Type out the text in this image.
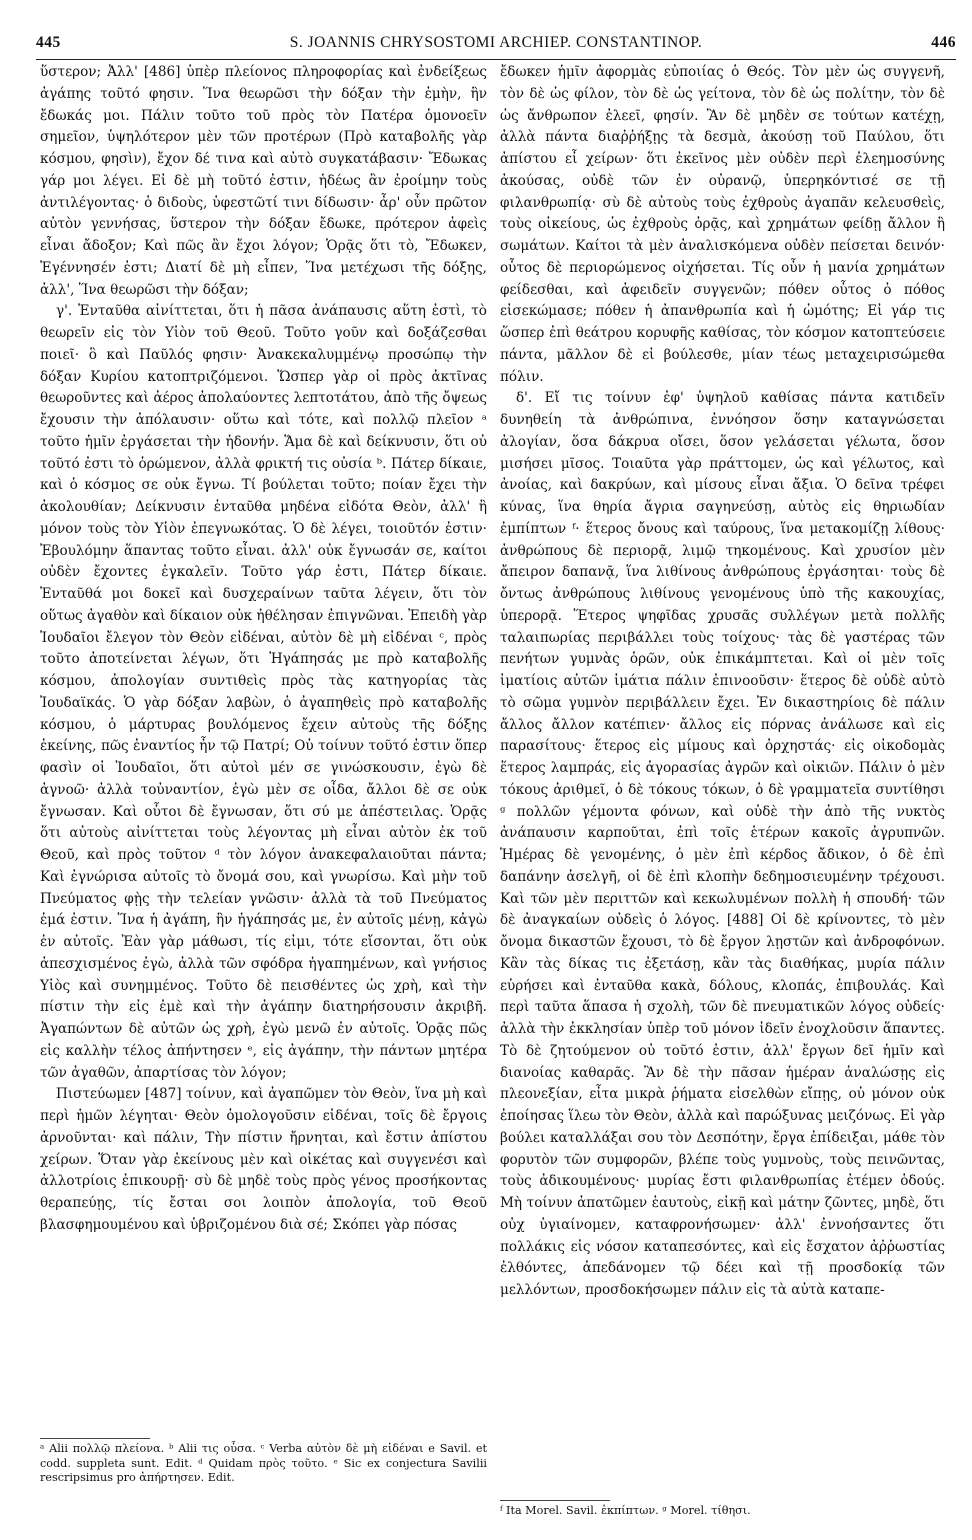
445	S. JOANNIS CHRYSOSTOMI ARCHIEP. CONSTANTINOP.	446

ὕστερον; Ἀλλ' [486] ὑπὲρ πλείονος πληροφορίας καὶ ἐνδείξεως ἀγάπης τοῦτό φησιν. Ἵνα θεωρῶσι τὴν δόξαν τὴν ἐμὴν, ἣν ἔδωκάς μοι. Πάλιν τοῦτο τοῦ πρὸς τὸν Πατέρα ὁμονοεῖν σημεῖον, ὑψηλότερον μὲν τῶν προτέρων (Πρὸ καταβολῆς γὰρ κόσμου, φησὶν), ἔχον δέ τινα καὶ αὐτὸ συγκατάβασιν· Ἔδωκας γάρ μοι λέγει. Εἰ δὲ μὴ τοῦτό ἐστιν, ἡδέως ἂν ἐροίμην τοὺς ἀντιλέγοντας· ὁ διδοὺς, ὑφεστῶτί τινι δίδωσιν· ἆρ' οὖν πρῶτον αὐτὸν γεννήσας, ὕστερον τὴν δόξαν ἔδωκε, πρότερον ἀφεὶς εἶναι ἄδοξον; Καὶ πῶς ἂν ἔχοι λόγον; Ὁρᾷς ὅτι τὸ, Ἔδωκεν, Ἐγέννησέν ἐστι; Διατί δὲ μὴ εἶπεν, Ἵνα μετέχωσι τῆς δόξης, ἀλλ', Ἵνα θεωρῶσι τὴν δόξαν;

γ'. Ἐνταῦθα αἰνίττεται, ὅτι ἡ πᾶσα ἀνάπαυσις αὕτη ἐστὶ, τὸ θεωρεῖν εἰς τὸν Υἱὸν τοῦ Θεοῦ. Τοῦτο γοῦν καὶ δοξάζεσθαι ποιεῖ· ὃ καὶ Παῦλός φησιν· Ἀνακεκαλυμμένῳ προσώπῳ τὴν δόξαν Κυρίου κατοπτριζόμενοι. Ὥσπερ γὰρ οἱ πρὸς ἀκτῖνας θεωροῦντες καὶ ἀέρος ἀπολαύοντες λεπτοτάτου, ἀπὸ τῆς ὄψεως ἔχουσιν τὴν ἀπόλαυσιν· οὕτω καὶ τότε, καὶ πολλῷ πλεῖον ᵃ τοῦτο ἡμῖν ἐργάσεται τὴν ἡδονήν. Ἅμα δὲ καὶ δείκνυσιν, ὅτι οὐ τοῦτό ἐστι τὸ ὁρώμενον, ἀλλὰ φρικτή τις οὐσία ᵇ. Πάτερ δίκαιε, καὶ ὁ κόσμος σε οὐκ ἔγνω. Τί βούλεται τοῦτο; ποίαν ἔχει τὴν ἀκολουθίαν; Δείκνυσιν ἐνταῦθα μηδένα εἰδότα Θεὸν, ἀλλ' ἢ μόνον τοὺς τὸν Υἱὸν ἐπεγνωκότας. Ὁ δὲ λέγει, τοιοῦτόν ἐστιν· Ἐβουλόμην ἅπαντας τοῦτο εἶναι. ἀλλ' οὐκ ἔγνωσάν σε, καίτοι οὐδὲν ἔχοντες ἐγκαλεῖν. Τοῦτο γάρ ἐστι, Πάτερ δίκαιε. Ἐνταῦθά μοι δοκεῖ καὶ δυσχεραίνων ταῦτα λέγειν, ὅτι τὸν οὕτως ἀγαθὸν καὶ δίκαιον οὐκ ἠθέλησαν ἐπιγνῶναι. Ἐπειδὴ γὰρ Ἰουδαῖοι ἔλεγον τὸν Θεὸν εἰδέναι, αὐτὸν δὲ μὴ εἰδέναι ᶜ, πρὸς τοῦτο ἀποτείνεται λέγων, ὅτι Ἠγάπησάς με πρὸ καταβολῆς κόσμου, ἀπολογίαν συντιθεὶς πρὸς τὰς κατηγορίας τὰς Ἰουδαϊκάς. Ὁ γὰρ δόξαν λαβὼν, ὁ ἀγαπηθεὶς πρὸ καταβολῆς κόσμου, ὁ μάρτυρας βουλόμενος ἔχειν αὐτοὺς τῆς δόξης ἐκείνης, πῶς ἐναντίος ἦν τῷ Πατρί; Οὐ τοίνυν τοῦτό ἐστιν ὅπερ φασὶν οἱ Ἰουδαῖοι, ὅτι αὐτοὶ μέν σε γινώσκουσιν, ἐγὼ δὲ ἀγνοῶ· ἀλλὰ τοὐναντίον, ἐγὼ μὲν σε οἶδα, ἄλλοι δὲ σε οὐκ ἔγνωσαν. Καὶ οὗτοι δὲ ἔγνωσαν, ὅτι σύ με ἀπέστειλας. Ὁρᾷς ὅτι αὐτοὺς αἰνίττεται τοὺς λέγοντας μὴ εἶναι αὐτὸν ἐκ τοῦ Θεοῦ, καὶ πρὸς τοῦτον ᵈ τὸν λόγον ἀνακεφαλαιοῦται πάντα; Καὶ ἐγνώρισα αὐτοῖς τὸ ὄνομά σου, καὶ γνωρίσω. Καὶ μὴν τοῦ Πνεύματος φῂς τὴν τελείαν γνῶσιν· ἀλλὰ τὰ τοῦ Πνεύματος ἐμά ἐστιν. Ἵνα ἡ ἀγάπη, ἣν ἠγάπησάς με, ἐν αὐτοῖς μένῃ, κἀγὼ ἐν αὐτοῖς. Ἐὰν γὰρ μάθωσι, τίς εἰμι, τότε εἴσονται, ὅτι οὐκ ἀπεσχισμένος ἐγὼ, ἀλλὰ τῶν σφόδρα ἠγαπημένων, καὶ γνήσιος Υἱὸς καὶ συνημμένος. Τοῦτο δὲ πεισθέντες ὡς χρὴ, καὶ τὴν πίστιν τὴν εἰς ἐμὲ καὶ τὴν ἀγάπην διατηρήσουσιν ἀκριβῆ. Ἀγαπώντων δὲ αὐτῶν ὡς χρὴ, ἐγὼ μενῶ ἐν αὐτοῖς. Ὁρᾷς πῶς εἰς καλλὴν τέλος ἀπήντησεν ᵉ, εἰς ἀγάπην, τὴν πάντων μητέρα τῶν ἀγαθῶν, ἀπαρτίσας τὸν λόγον;

Πιστεύωμεν [487] τοίνυν, καὶ ἀγαπῶμεν τὸν Θεὸν, ἵνα μὴ καὶ περὶ ἡμῶν λέγηται· Θεὸν ὁμολογοῦσιν εἰδέναι, τοῖς δὲ ἔργοις ἀρνοῦνται· καὶ πάλιν, Τὴν πίστιν ἤρνηται, καὶ ἔστιν ἀπίστου χείρων. Ὅταν γὰρ ἐκείνους μὲν καὶ οἰκέτας καὶ συγγενέσι καὶ ἀλλοτρίοις ἐπικουρῇ· σὺ δὲ μηδὲ τοὺς πρὸς γένος προσήκοντας θεραπεύῃς, τίς ἔσται σοι λοιπὸν ἀπολογία, τοῦ Θεοῦ βλασφημουμένου καὶ ὑβριζομένου διὰ σέ; Σκόπει γὰρ πόσας

ἔδωκεν ἡμῖν ἀφορμὰς εὐποιίας ὁ Θεός. Τὸν μὲν ὡς συγγενῆ, τὸν δὲ ὡς φίλον, τὸν δὲ ὡς γείτονα, τὸν δὲ ὡς πολίτην, τὸν δὲ ὡς ἄνθρωπον ἐλεεῖ, φησίν. Ἂν δὲ μηδὲν σε τούτων κατέχῃ, ἀλλὰ πάντα διαῤῥήξῃς τὰ δεσμὰ, ἀκούσῃ τοῦ Παύλου, ὅτι ἀπίστου εἶ χείρων· ὅτι ἐκεῖνος μὲν οὐδὲν περὶ ἐλεημοσύνης ἀκούσας, οὐδὲ τῶν ἐν οὐρανῷ, ὑπερηκόντισέ σε τῇ φιλανθρωπίᾳ· σὺ δὲ αὐτοὺς τοὺς ἐχθροὺς ἀγαπᾶν κελευσθεὶς, τοὺς οἰκείους, ὡς ἐχθροὺς ὁρᾷς, καὶ χρημάτων φείδῃ ἄλλον ἢ σωμάτων. Καίτοι τὰ μὲν ἀναλισκόμενα οὐδὲν πείσεται δεινόν· οὗτος δὲ περιορώμενος οἰχήσεται. Τίς οὖν ἡ μανία χρημάτων φείδεσθαι, καὶ ἀφειδεῖν συγγενῶν; πόθεν οὗτος ὁ πόθος εἰσεκώμασε; πόθεν ἡ ἀπανθρωπία καὶ ἡ ὠμότης; Εἰ γάρ τις ὥσπερ ἐπὶ θεάτρου κορυφῆς καθίσας, τὸν κόσμον κατοπτεύσειε πάντα, μᾶλλον δὲ εἰ βούλεσθε, μίαν τέως μεταχειρισώμεθα πόλιν.

δ'. Εἴ τις τοίνυν ἐφ' ὑψηλοῦ καθίσας πάντα κατιδεῖν δυνηθείη τὰ ἀνθρώπινα, ἐννόησον ὅσην καταγνώσεται ἀλογίαν, ὅσα δάκρυα οἴσει, ὅσον γελάσεται γέλωτα, ὅσον μισήσει μῖσος. Τοιαῦτα γὰρ πράττομεν, ὡς καὶ γέλωτος, καὶ ἀνοίας, καὶ δακρύων, καὶ μίσους εἶναι ἄξια. Ὁ δεῖνα τρέφει κύνας, ἵνα θηρία ἄγρια σαγηνεύσῃ, αὐτὸς εἰς θηριωδίαν ἐμπίπτων ᶠ· ἕτερος ὄνους καὶ ταύρους, ἵνα μετακομίζῃ λίθους· ἀνθρώπους δὲ περιορᾷ, λιμῷ τηκομένους. Καὶ χρυσίον μὲν ἄπειρον δαπανᾷ, ἵνα λιθίνους ἀνθρώπους ἐργάσηται· τοὺς δὲ ὄντως ἀνθρώπους λιθίνους γενομένους ὑπὸ τῆς κακουχίας, ὑπερορᾷ. Ἕτερος ψηφῖδας χρυσᾶς συλλέγων μετὰ πολλῆς ταλαιπωρίας περιβάλλει τοὺς τοίχους· τὰς δὲ γαστέρας τῶν πενήτων γυμνὰς ὁρῶν, οὐκ ἐπικάμπτεται. Καὶ οἱ μὲν τοῖς ἱματίοις αὐτῶν ἱμάτια πάλιν ἐπινοοῦσιν· ἕτερος δὲ οὐδὲ αὐτὸ τὸ σῶμα γυμνὸν περιβάλλειν ἔχει. Ἐν δικαστηρίοις δὲ πάλιν ἄλλος ἄλλον κατέπιεν· ἄλλος εἰς πόρνας ἀνάλωσε καὶ εἰς παρασίτους· ἕτερος εἰς μίμους καὶ ὀρχηστάς· εἰς οἰκοδομὰς ἕτερος λαμπράς, εἰς ἀγορασίας ἀγρῶν καὶ οἰκιῶν. Πάλιν ὁ μὲν τόκους ἀριθμεῖ, ὁ δὲ τόκους τόκων, ὁ δὲ γραμματεῖα συντίθησι ᵍ πολλῶν γέμοντα φόνων, καὶ οὐδὲ τὴν ἀπὸ τῆς νυκτὸς ἀνάπαυσιν καρποῦται, ἐπὶ τοῖς ἑτέρων κακοῖς ἀγρυπνῶν. Ἡμέρας δὲ γενομένης, ὁ μὲν ἐπὶ κέρδος ἄδικον, ὁ δὲ ἐπὶ δαπάνην ἀσελγῆ, οἱ δὲ ἐπὶ κλοπὴν δεδημοσιευμένην τρέχουσι. Καὶ τῶν μὲν περιττῶν καὶ κεκωλυμένων πολλὴ ἡ σπουδή· τῶν δὲ ἀναγκαίων οὐδεὶς ὁ λόγος. [488] Οἱ δὲ κρίνοντες, τὸ μὲν ὄνομα δικαστῶν ἔχουσι, τὸ δὲ ἔργον λῃστῶν καὶ ἀνδροφόνων. Κἂν τὰς δίκας τις ἐξετάσῃ, κἂν τὰς διαθήκας, μυρία πάλιν εὑρήσει καὶ ἐνταῦθα κακὰ, δόλους, κλοπάς, ἐπιβουλάς. Καὶ περὶ ταῦτα ἅπασα ἡ σχολὴ, τῶν δὲ πνευματικῶν λόγος οὐδείς· ἀλλὰ τὴν ἐκκλησίαν ὑπὲρ τοῦ μόνον ἰδεῖν ἐνοχλοῦσιν ἅπαντες. Τὸ δὲ ζητούμενον οὐ τοῦτό ἐστιν, ἀλλ' ἔργων δεῖ ἡμῖν καὶ διανοίας καθαρᾶς. Ἂν δὲ τὴν πᾶσαν ἡμέραν ἀναλώσῃς εἰς πλεονεξίαν, εἶτα μικρὰ ῥήματα εἰσελθὼν εἴπῃς, οὐ μόνον οὐκ ἐποίησας ἵλεω τὸν Θεὸν, ἀλλὰ καὶ παρώξυνας μειζόνως. Εἰ γὰρ βούλει καταλλάξαι σου τὸν Δεσπότην, ἔργα ἐπίδειξαι, μάθε τὸν φορυτὸν τῶν συμφορῶν, βλέπε τοὺς γυμνοὺς, τοὺς πεινῶντας, τοὺς ἀδικουμένους· μυρίας ἔστι φιλανθρωπίας ἐτέμεν ὁδούς. Μὴ τοίνυν ἀπατῶμεν ἑαυτοὺς, εἰκῇ καὶ μάτην ζῶντες, μηδὲ, ὅτι οὐχ ὑγιαίνομεν, καταφρονήσωμεν· ἀλλ' ἐννοήσαντες ὅτι πολλάκις εἰς νόσον καταπεσόντες, καὶ εἰς ἔσχατον ἀῤῥωστίας ἐλθόντες, ἀπεδάνομεν τῷ δέει καὶ τῇ προσδοκίᾳ τῶν μελλόντων, προσδοκήσωμεν πάλιν εἰς τὰ αὐτὰ καταπε-

ᵃ Alii πολλῷ πλείονα. ᵇ Alii τις οὖσα. ᶜ Verba αὐτὸν δὲ μὴ εἰδέναι e Savil. et codd. suppleta sunt. Edit. ᵈ Quidam πρὸς τοῦτο. ᵉ Sic ex conjectura Savilii rescripsimus pro ἀπήρτησεν. Edit.

ᶠ Ita Morel. Savil. ἐκπίπτων. ᵍ Morel. τίθησι.
